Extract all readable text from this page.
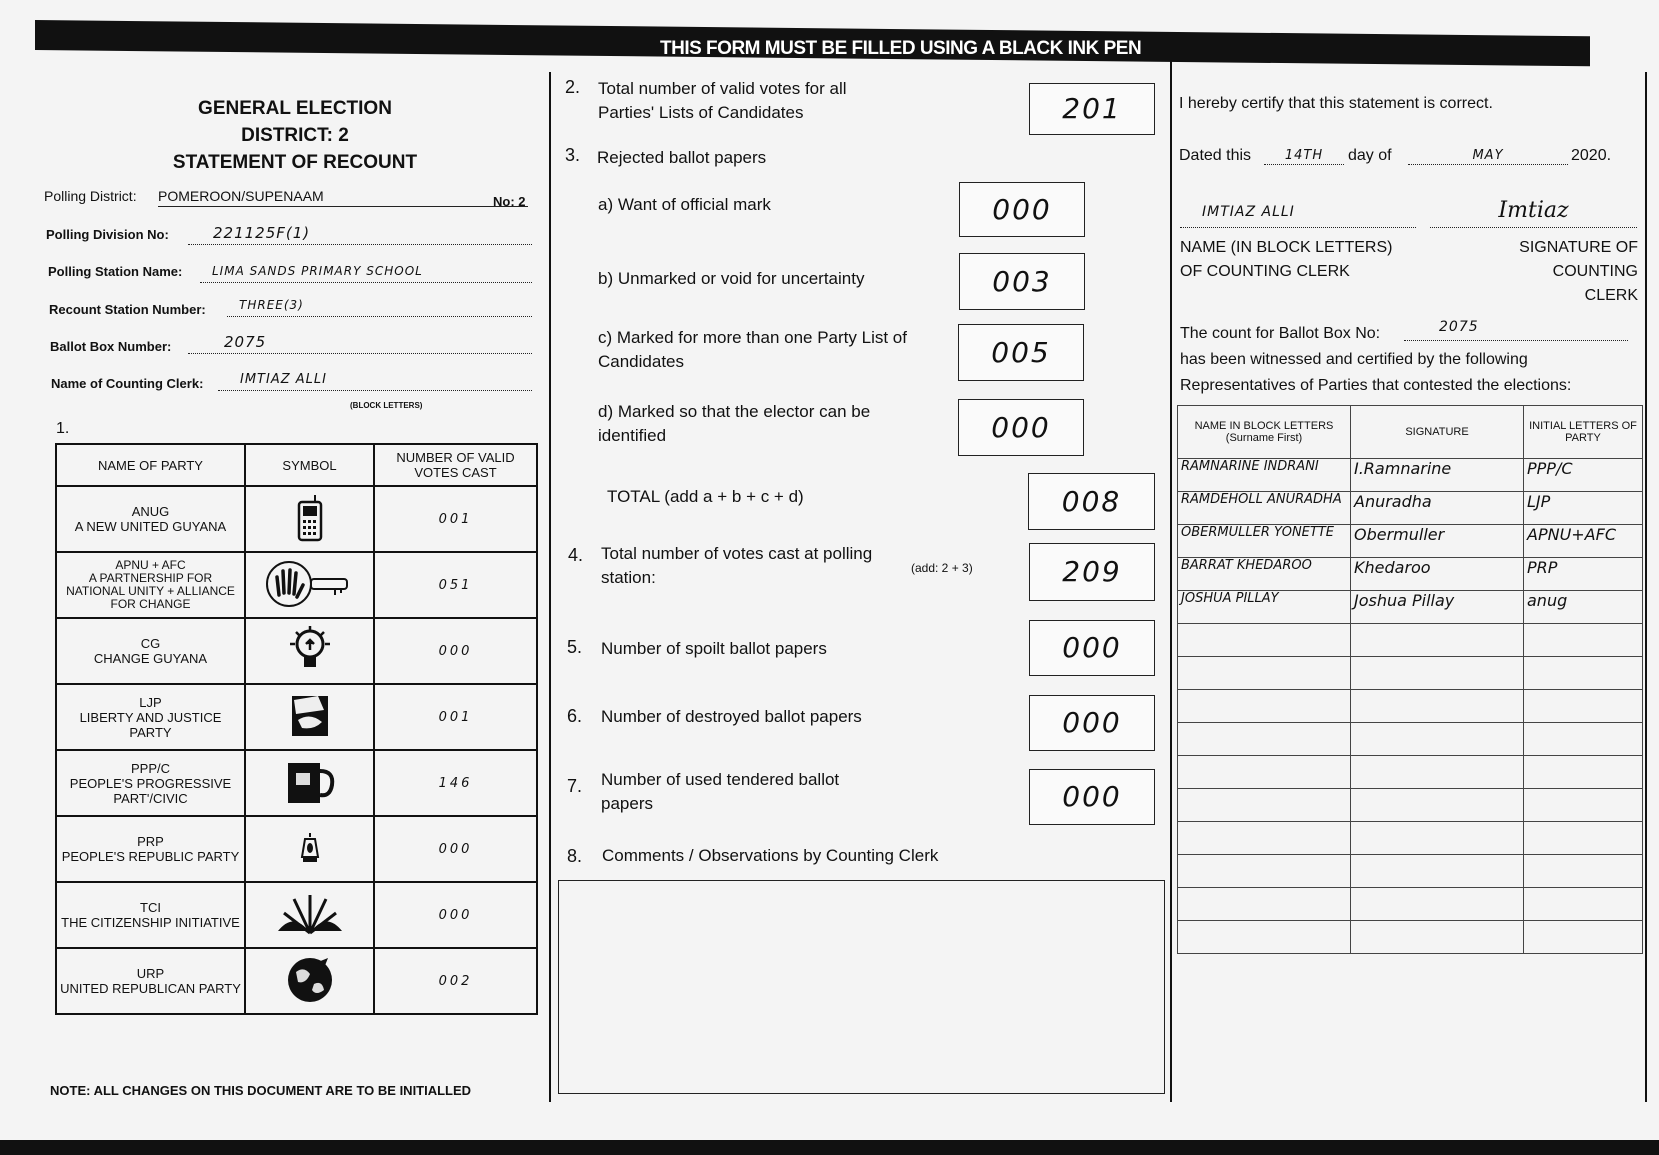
THIS FORM MUST BE FILLED USING A BLACK INK PEN
GENERAL ELECTION
DISTRICT: 2
STATEMENT OF RECOUNT
Polling District: POMEROON/SUPENAAM	No: 2
Polling Division No:	221125F(1)
Polling Station Name:	LIMA SANDS PRIMARY SCHOOL
Recount Station Number:	THREE(3)
Ballot Box Number:	2075
Name of Counting Clerk:	IMTIAZ ALLI
(BLOCK LETTERS)
1.
NAME OF PARTY	SYMBOL	NUMBER OF VALID VOTES CAST

ANUG
A NEW UNITED GUYANA		001

APNU + AFC
A PARTNERSHIP FOR NATIONAL UNITY + ALLIANCE FOR CHANGE		051

CG
CHANGE GUYANA		000

LJP
LIBERTY AND JUSTICE PARTY		001

PPP/C
PEOPLE'S PROGRESSIVE PART'/CIVIC		146

PRP
PEOPLE'S REPUBLIC PARTY		000

TCI
THE CITIZENSHIP INITIATIVE		000

URP
UNITED REPUBLICAN PARTY		002
NOTE: ALL CHANGES ON THIS DOCUMENT ARE TO BE INITIALLED
2. Total number of valid votes for all Parties' Lists of Candidates	201
3. Rejected ballot papers
a) Want of official mark	000
b) Unmarked or void for uncertainty	003
c) Marked for more than one Party List of Candidates	005
d) Marked so that the elector can be identified	000
TOTAL (add a + b + c + d)	008
4. Total number of votes cast at polling station:	(add: 2 + 3)	209
5. Number of spoilt ballot papers	000
6. Number of destroyed ballot papers	000
7. Number of used tendered ballot papers	000
8. Comments / Observations by Counting Clerk
I hereby certify that this statement is correct.
Dated this	14TH	day of	MAY	2020.
IMTIAZ ALLI	Imtiaz
NAME (IN BLOCK LETTERS) OF COUNTING CLERK
SIGNATURE OF COUNTING
CLERK
The count for Ballot Box No:	2075
has been witnessed and certified by the following
Representatives of Parties that contested the elections:
NAME IN BLOCK LETTERS (Surname First)	SIGNATURE	INITIAL LETTERS OF PARTY
RAMNARINE INDRANI	I.Ramnarine	PPP/C
RAMDEHOLL ANURADHA	Anuradha	LJP
OBERMULLER YONETTE	Obermuller	APNU+AFC
BARRAT KHEDAROO	Khedaroo	PRP
JOSHUA PILLAY	Joshua Pillay	anug
